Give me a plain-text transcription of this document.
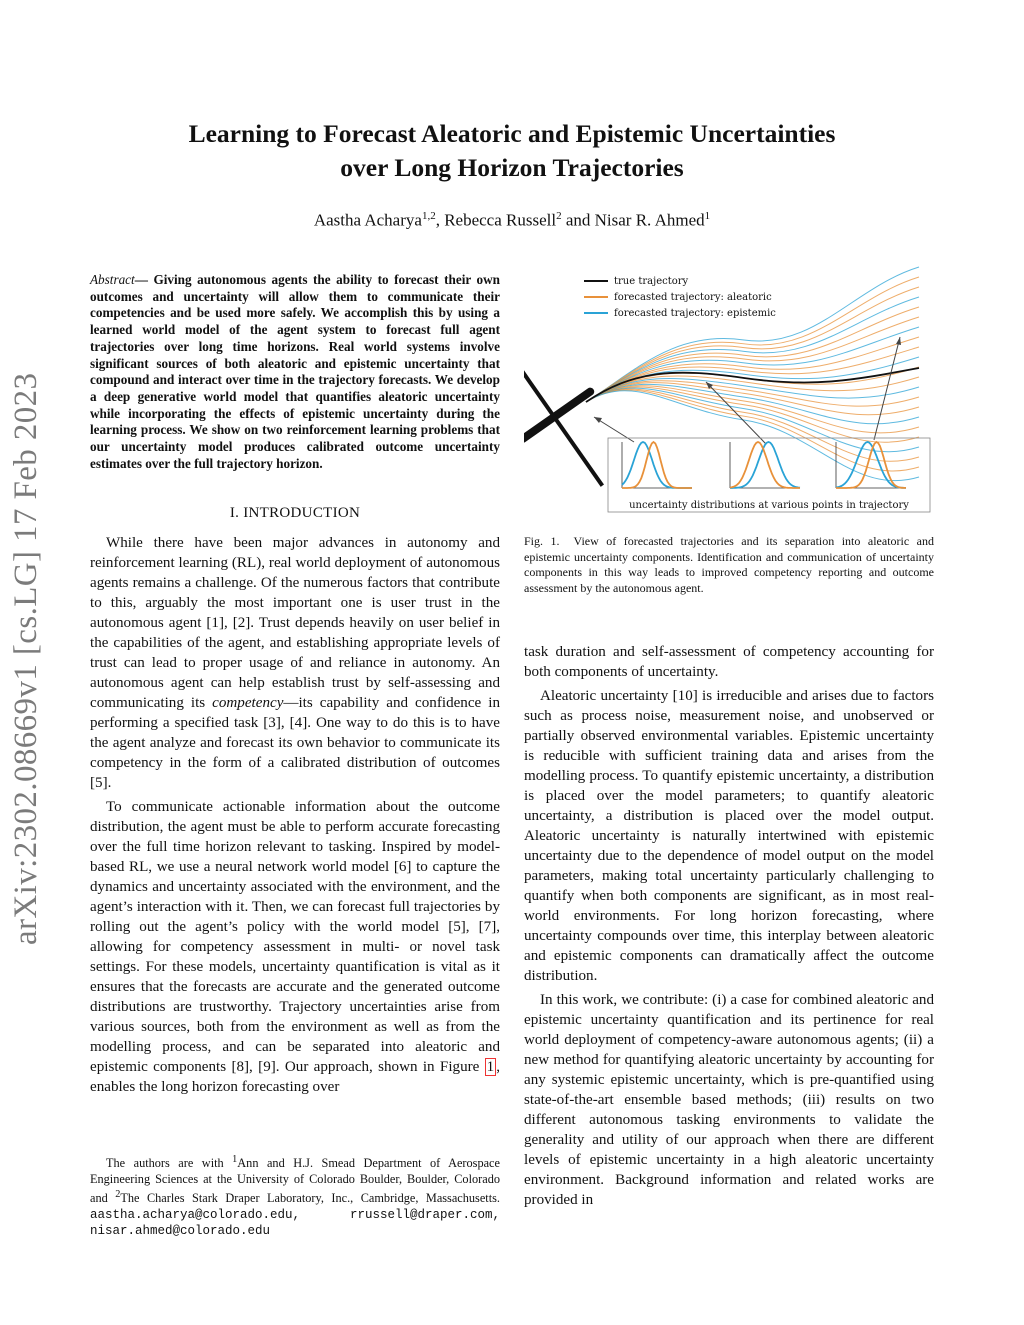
arXiv:2302.08669v1 [cs.LG] 17 Feb 2023
Learning to Forecast Aleatoric and Epistemic Uncertainties
over Long Horizon Trajectories
Aastha Acharya$^{1,2}$, Rebecca Russell$^2$ and Nisar R. Ahmed$^1$
Abstract— Giving autonomous agents the ability to forecast their own outcomes and uncertainty will allow them to communicate their competencies and be used more safely. We accomplish this by using a learned world model of the agent system to forecast full agent trajectories over long time horizons. Real world systems involve significant sources of both aleatoric and epistemic uncertainty that compound and interact over time in the trajectory forecasts. We develop a deep generative world model that quantifies aleatoric uncertainty while incorporating the effects of epistemic uncertainty during the learning process. We show on two reinforcement learning problems that our uncertainty model produces calibrated outcome uncertainty estimates over the full trajectory horizon.
I. INTRODUCTION

While there have been major advances in autonomy and reinforcement learning (RL), real world deployment of autonomous agents remains a challenge. Of the numerous factors that contribute to this, arguably the most important one is user trust in the autonomous agent [1], [2]. Trust depends heavily on user belief in the capabilities of the agent, and establishing appropriate levels of trust can lead to proper usage of and reliance in autonomy. An autonomous agent can help establish trust by self-assessing and communicating its competency—its capability and confidence in performing a specified task [3], [4]. One way to do this is to have the agent analyze and forecast its own behavior to communicate its competency in the form of a calibrated distribution of outcomes [5].

To communicate actionable information about the outcome distribution, the agent must be able to perform accurate forecasting over the full time horizon relevant to tasking. Inspired by model-based RL, we use a neural network world model [6] to capture the dynamics and uncertainty associated with the environment, and the agent’s interaction with it. Then, we can forecast full trajectories by rolling out the agent’s policy with the world model [5], [7], allowing for competency assessment in multi- or novel task settings. For these models, uncertainty quantification is vital as it ensures that the forecasts are accurate and the generated outcome distributions are trustworthy. Trajectory uncertainties arise from various sources, both from the environment as well as from the modelling process, and can be separated into aleatoric and epistemic components [8], [9]. Our approach, shown in Figure 1 , enables the long horizon forecasting over

The authors are with $^1$Ann and H.J. Smead Department of Aerospace Engineering Sciences at the University of Colorado Boulder, Boulder, Colorado and $^2$The Charles Stark Draper Laboratory, Inc., Cambridge, Massachusetts. aastha.acharya@colorado.edu, rrussell@draper.com, nisar.ahmed@colorado.edu
true trajectory
forecasted trajectory: aleatoric
forecasted trajectory: epistemic
uncertainty distributions at various points in trajectory
Fig. 1. View of forecasted trajectories and its separation into aleatoric and epistemic uncertainty components. Identification and communication of uncertainty components in this way leads to improved competency reporting and outcome assessment by the autonomous agent.

task duration and self-assessment of competency accounting for both components of uncertainty.

Aleatoric uncertainty [10] is irreducible and arises due to factors such as process noise, measurement noise, and unobserved or partially observed environmental variables. Epistemic uncertainty is reducible with sufficient training data and arises from the modelling process. To quantify epistemic uncertainty, a distribution is placed over the model parameters; to quantify aleatoric uncertainty, a distribution is placed over the model output. Aleatoric uncertainty is naturally intertwined with epistemic uncertainty due to the dependence of model output on the model parameters, making total uncertainty particularly challenging to quantify when both components are significant, as in most real-world environments. For long horizon forecasting, where uncertainty compounds over time, this interplay between aleatoric and epistemic components can dramatically affect the outcome distribution.

In this work, we contribute: (i) a case for combined aleatoric and epistemic uncertainty quantification and its pertinence for real world deployment of competency-aware autonomous agents; (ii) a new method for quantifying aleatoric uncertainty by accounting for any systemic epistemic uncertainty, which is pre-quantified using state-of-the-art ensemble based methods; (iii) results on two different autonomous tasking environments to validate the generality and utility of our approach when there are different levels of epistemic uncertainty in a high aleatoric uncertainty environment. Background information and related works are provided in
